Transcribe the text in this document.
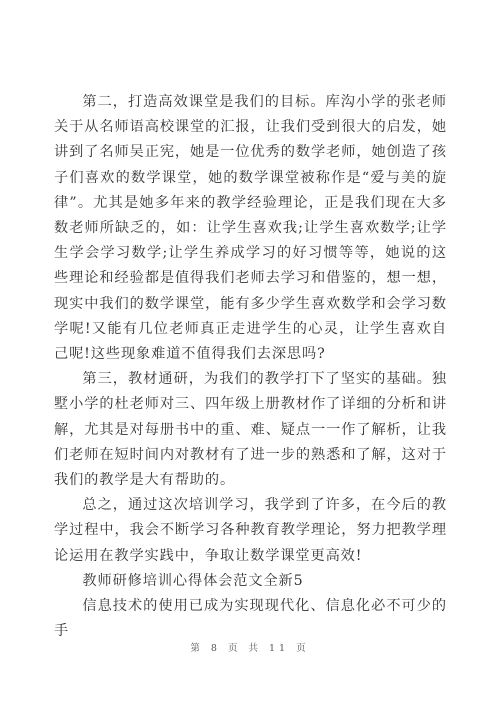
第二，打造高效课堂是我们的目标。库沟小学的张老师关于从名师语高校课堂的汇报，让我们受到很大的启发，她讲到了名师吴正宪，她是一位优秀的数学老师，她创造了孩子们喜欢的数学课堂，她的数学课堂被称作是“爱与美的旋律”。尤其是她多年来的教学经验理论，正是我们现在大多数老师所缺乏的，如：让学生喜欢我;让学生喜欢数学;让学生学会学习数学;让学生养成学习的好习惯等等，她说的这些理论和经验都是值得我们老师去学习和借鉴的，想一想，现实中我们的数学课堂，能有多少学生喜欢数学和会学习数学呢!又能有几位老师真正走进学生的心灵，让学生喜欢自己呢!这些现象难道不值得我们去深思吗?

第三，教材通研，为我们的教学打下了坚实的基础。独墅小学的杜老师对三、四年级上册教材作了详细的分析和讲解，尤其是对每册书中的重、难、疑点一一作了解析，让我们老师在短时间内对教材有了进一步的熟悉和了解，这对于我们的教学是大有帮助的。

总之，通过这次培训学习，我学到了许多，在今后的教学过程中，我会不断学习各种教育教学理论，努力把教学理论运用在教学实践中，争取让数学课堂更高效!

教师研修培训心得体会范文全新5

信息技术的使用已成为实现现代化、信息化必不可少的手

第 8 页 共 11 页
